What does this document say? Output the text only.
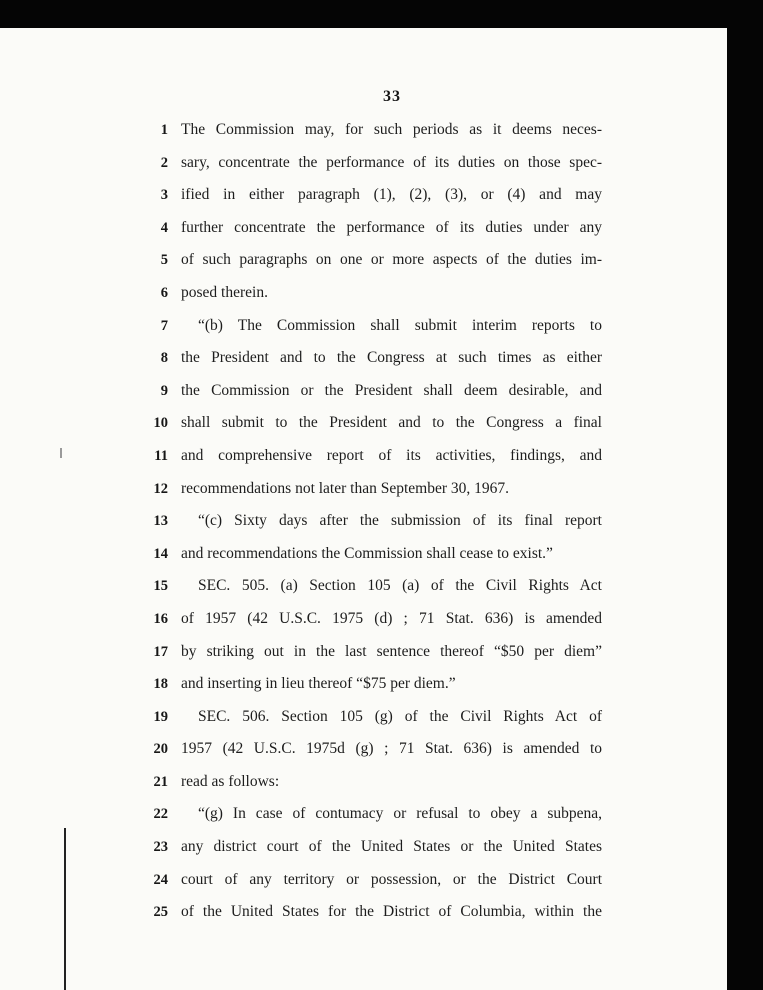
33
1 The Commission may, for such periods as it deems neces-
2 sary, concentrate the performance of its duties on those spec-
3 ified in either paragraph (1), (2), (3), or (4) and may
4 further concentrate the performance of its duties under any
5 of such paragraphs on one or more aspects of the duties im-
6 posed therein.
7	“(b) The Commission shall submit interim reports to
8 the President and to the Congress at such times as either
9 the Commission or the President shall deem desirable, and
10 shall submit to the President and to the Congress a final
11 and comprehensive report of its activities, findings, and
12 recommendations not later than September 30, 1967.
13	“(c) Sixty days after the submission of its final report
14 and recommendations the Commission shall cease to exist.”
15	SEC. 505. (a) Section 105 (a) of the Civil Rights Act
16 of 1957 (42 U.S.C. 1975 (d) ; 71 Stat. 636) is amended
17 by striking out in the last sentence thereof “$50 per diem”
18 and inserting in lieu thereof “$75 per diem.”
19	SEC. 506. Section 105 (g) of the Civil Rights Act of
20 1957 (42 U.S.C. 1975d (g) ; 71 Stat. 636) is amended to
21 read as follows:
22	“(g) In case of contumacy or refusal to obey a subpena,
23 any district court of the United States or the United States
24 court of any territory or possession, or the District Court
25 of the United States for the District of Columbia, within the
